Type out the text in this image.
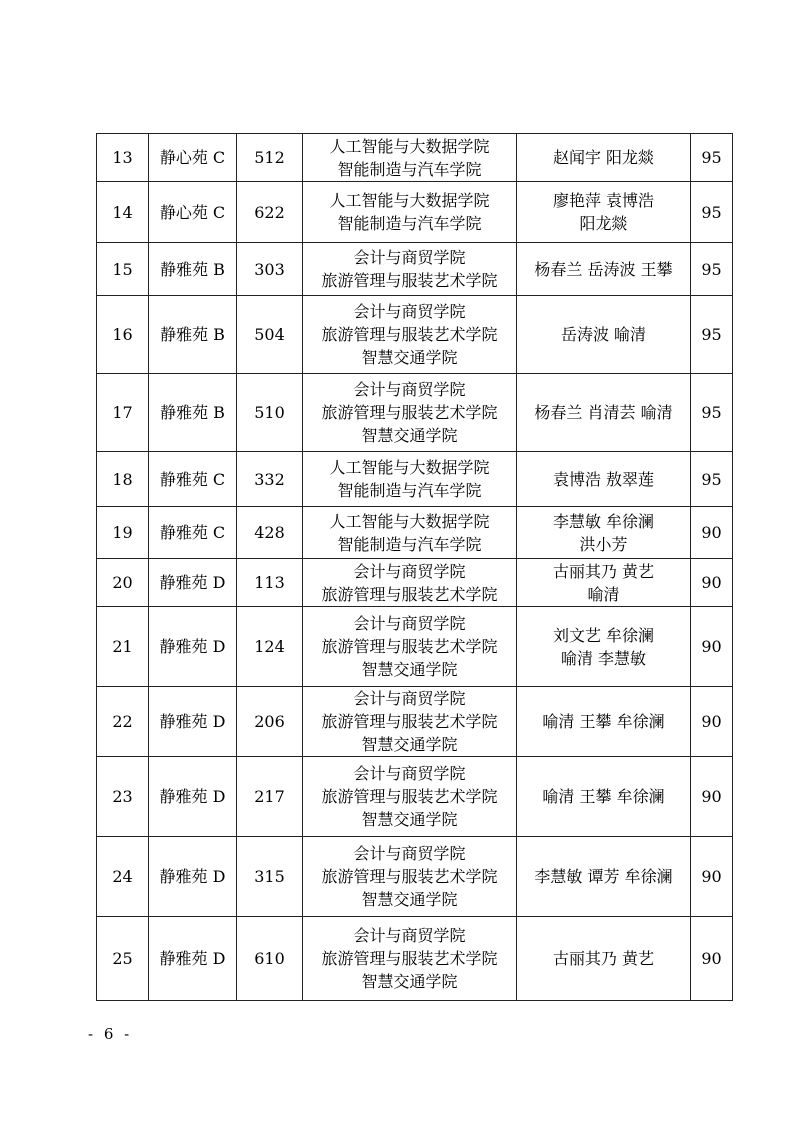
13	静心苑 C	512	人工智能与大数据学院
智能制造与汽车学院	赵闻宇 阳龙燚	95
14	静心苑 C	622	人工智能与大数据学院
智能制造与汽车学院	廖艳萍 袁博浩
阳龙燚	95
15	静雅苑 B	303	会计与商贸学院
旅游管理与服装艺术学院	杨春兰 岳涛波 王攀	95
16	静雅苑 B	504	会计与商贸学院
旅游管理与服装艺术学院
智慧交通学院	岳涛波 喻清	95
17	静雅苑 B	510	会计与商贸学院
旅游管理与服装艺术学院
智慧交通学院	杨春兰 肖清芸 喻清	95
18	静雅苑 C	332	人工智能与大数据学院
智能制造与汽车学院	袁博浩 敖翠莲	95
19	静雅苑 C	428	人工智能与大数据学院
智能制造与汽车学院	李慧敏 牟徐澜
洪小芳	90
20	静雅苑 D	113	会计与商贸学院
旅游管理与服装艺术学院	古丽其乃 黄艺
喻清	90
21	静雅苑 D	124	会计与商贸学院
旅游管理与服装艺术学院
智慧交通学院	刘文艺 牟徐澜
喻清 李慧敏	90
22	静雅苑 D	206	会计与商贸学院
旅游管理与服装艺术学院
智慧交通学院	喻清 王攀 牟徐澜	90
23	静雅苑 D	217	会计与商贸学院
旅游管理与服装艺术学院
智慧交通学院	喻清 王攀 牟徐澜	90
24	静雅苑 D	315	会计与商贸学院
旅游管理与服装艺术学院
智慧交通学院	李慧敏 谭芳 牟徐澜	90
25	静雅苑 D	610	会计与商贸学院
旅游管理与服装艺术学院
智慧交通学院	古丽其乃 黄艺	90
- 6 -
